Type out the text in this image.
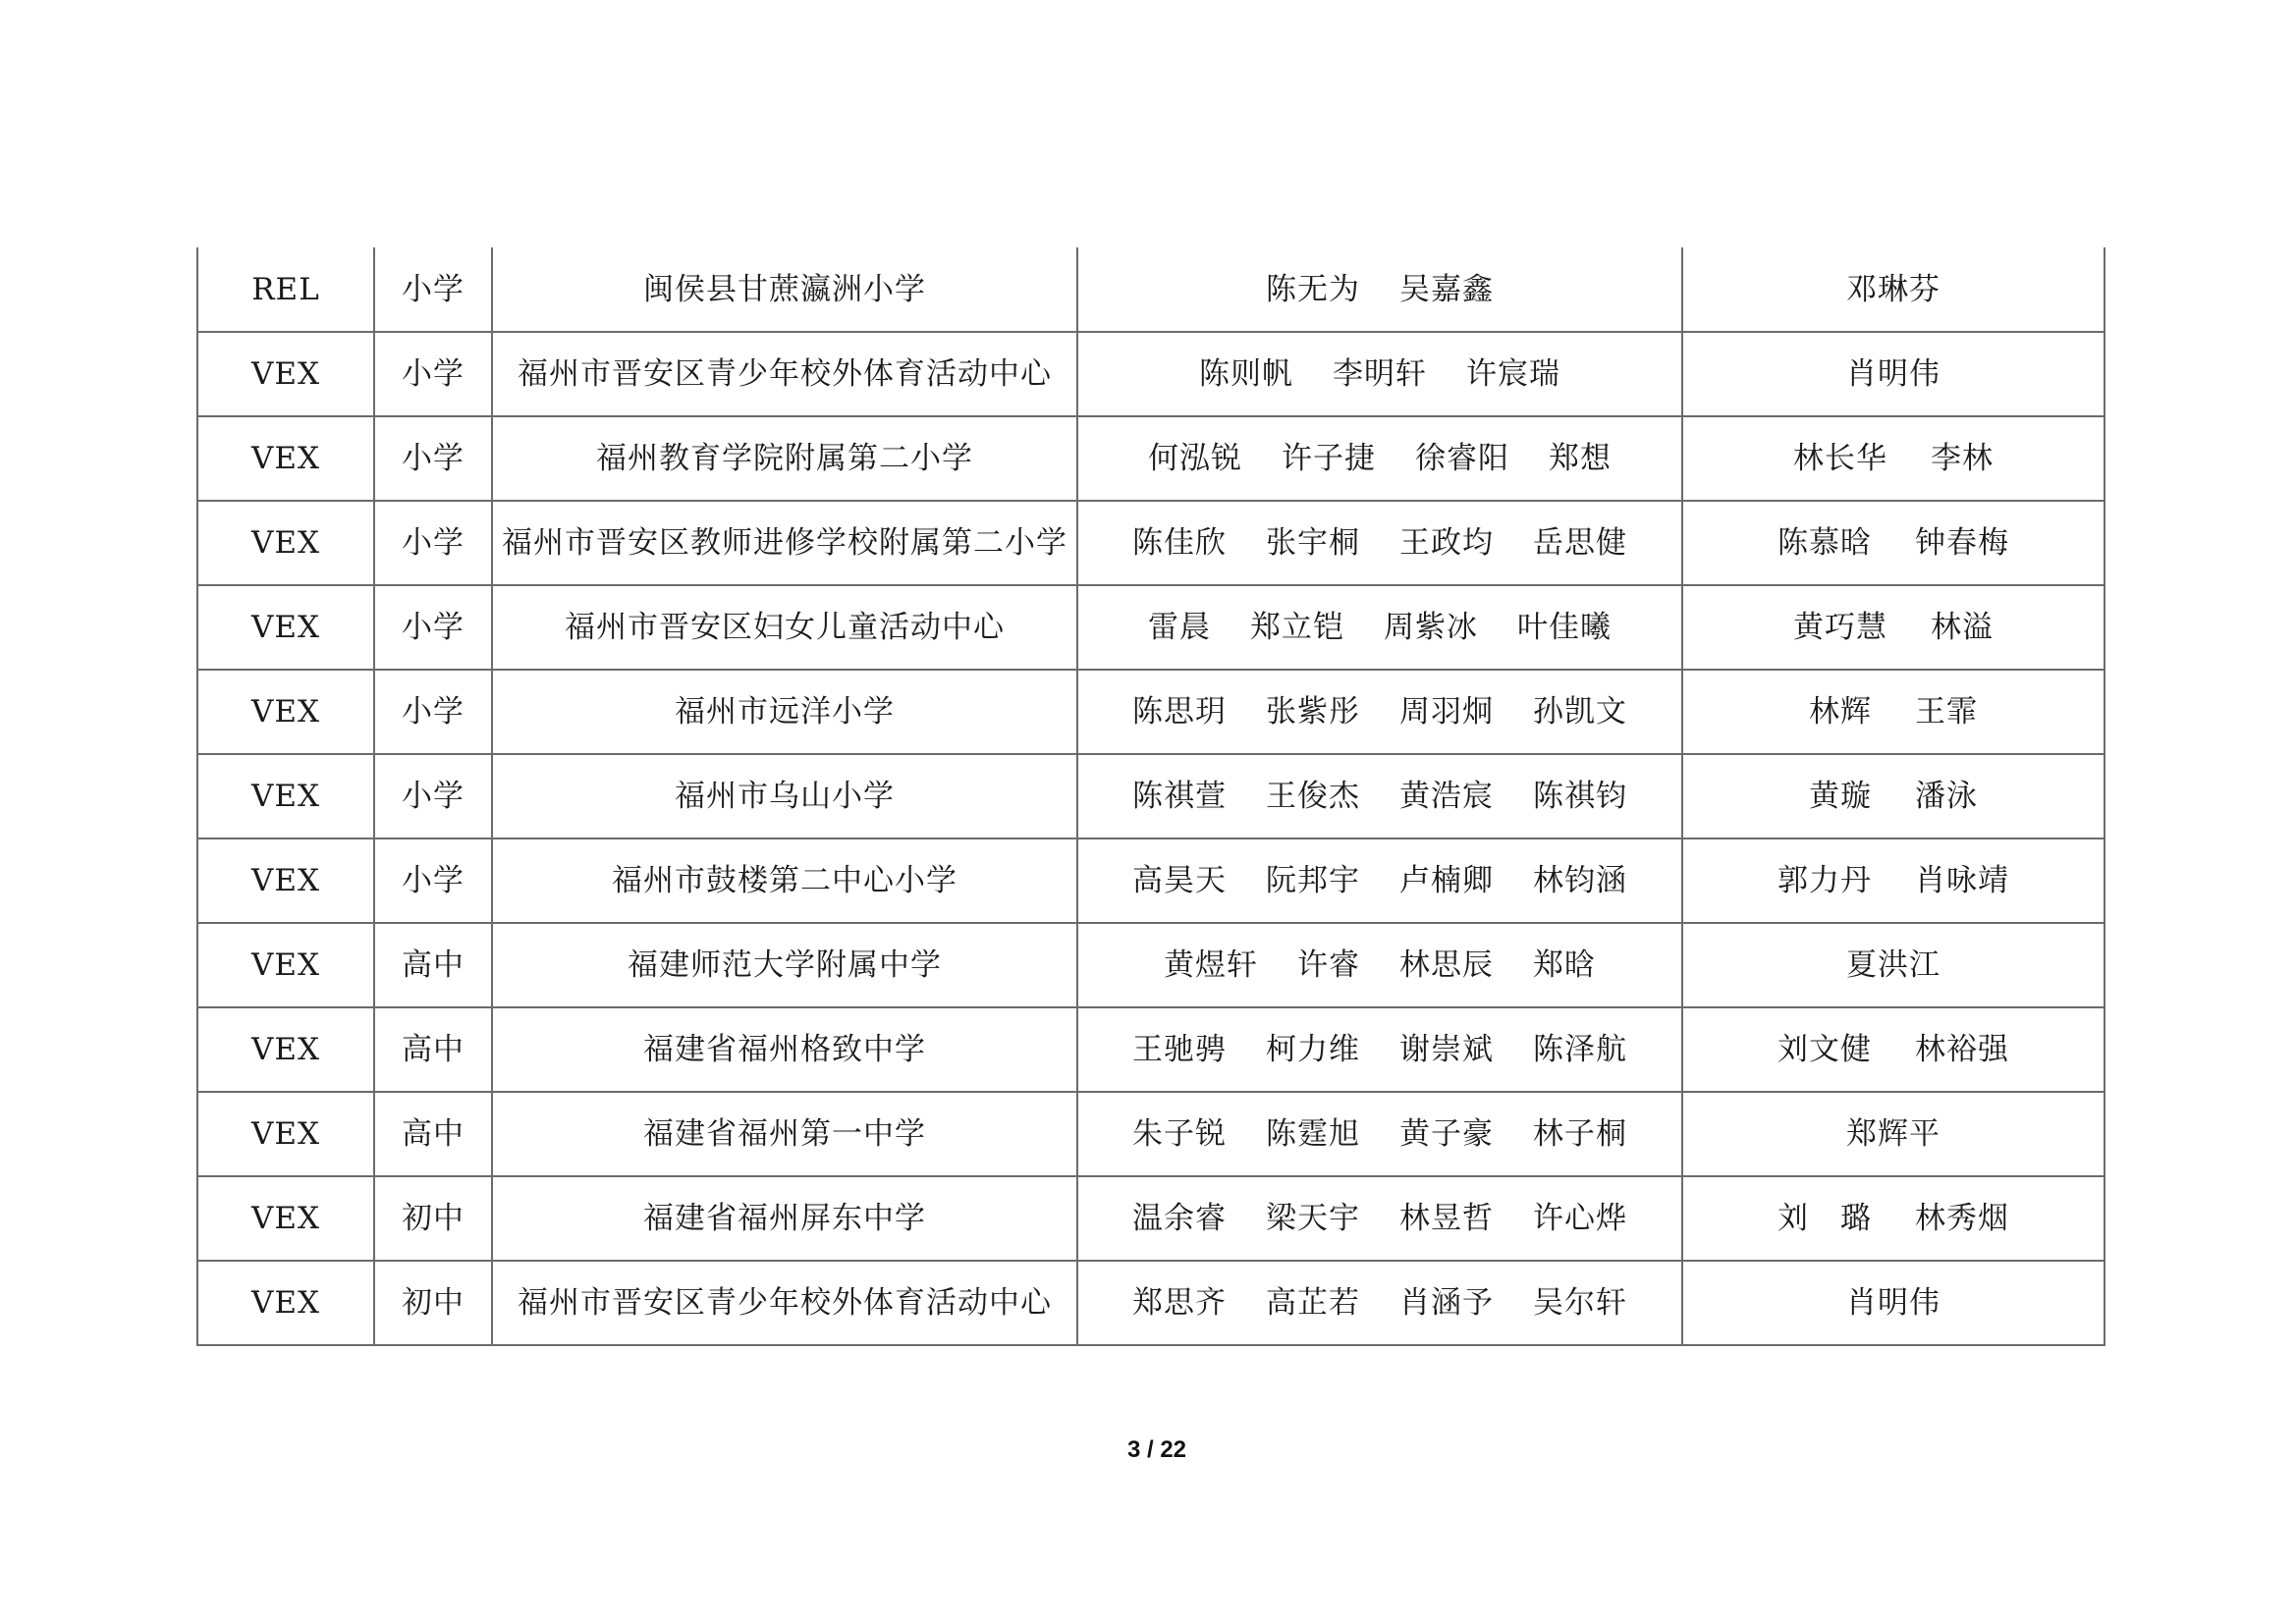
REL	小学	闽侯县甘蔗瀛洲小学	陈无为 吴嘉鑫	邓琳芬
VEX	小学	福州市晋安区青少年校外体育活动中心	陈则帆 李明轩 许宸瑞	肖明伟
VEX	小学	福州教育学院附属第二小学	何泓锐 许子捷 徐睿阳 郑想	林长华 李林
VEX	小学	福州市晋安区教师进修学校附属第二小学	陈佳欣 张宇桐 王政均 岳思健	陈慕晗 钟春梅
VEX	小学	福州市晋安区妇女儿童活动中心	雷晨 郑立铠 周紫冰 叶佳曦	黄巧慧 林溢
VEX	小学	福州市远洋小学	陈思玥 张紫彤 周羽炯 孙凯文	林辉 王霏
VEX	小学	福州市乌山小学	陈祺萱 王俊杰 黄浩宸 陈祺钧	黄璇 潘泳
VEX	小学	福州市鼓楼第二中心小学	高昊天 阮邦宇 卢楠卿 林钧涵	郭力丹 肖咏靖
VEX	高中	福建师范大学附属中学	黄煜轩 许睿 林思辰 郑晗	夏洪江
VEX	高中	福建省福州格致中学	王驰骋 柯力维 谢崇斌 陈泽航	刘文健 林裕强
VEX	高中	福建省福州第一中学	朱子锐 陈霆旭 黄子豪 林子桐	郑辉平
VEX	初中	福建省福州屏东中学	温余睿 梁天宇 林昱哲 许心烨	刘　璐 林秀烟
VEX	初中	福州市晋安区青少年校外体育活动中心	郑思齐 高芷若 肖涵予 吴尔轩	肖明伟
3 / 22
